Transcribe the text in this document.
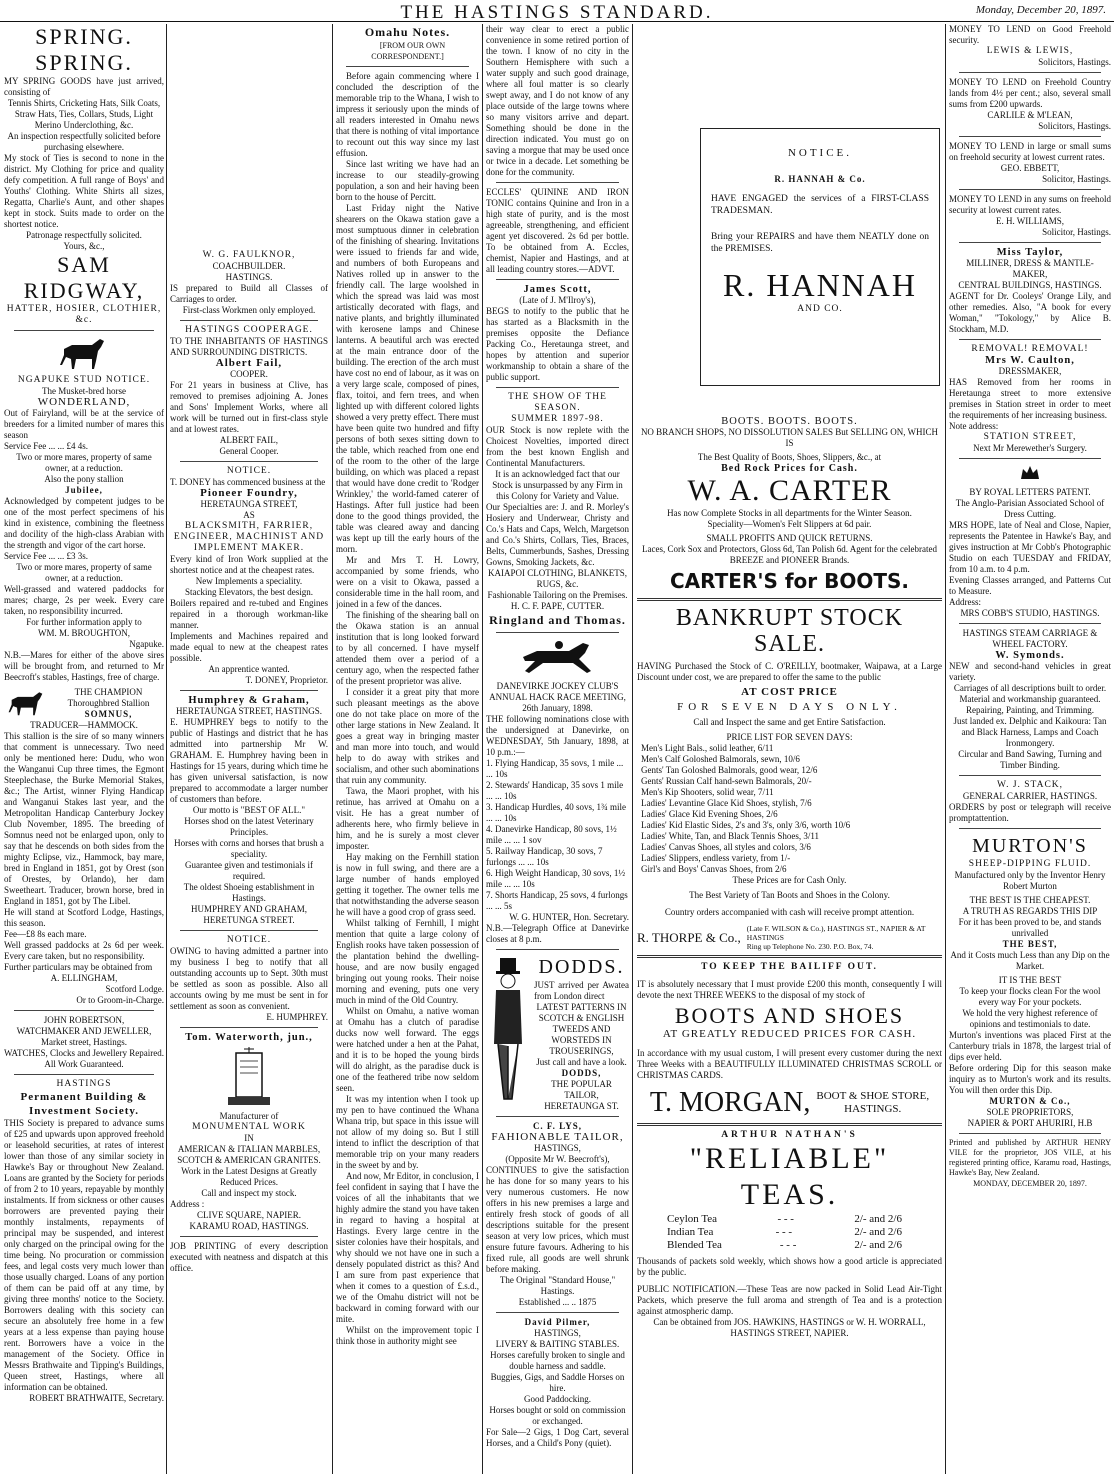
THE HASTINGS STANDARD.	Monday, December 20, 1897.
SPRING. SPRING.

MY SPRING GOODS have just arrived, consisting of

Tennis Shirts, Cricketing Hats, Silk Coats, Straw Hats, Ties, Collars, Studs, Light Merino Underclothing, &c.

An inspection respectfully solicited before purchasing elsewhere.

My stock of Ties is second to none in the district. My Clothing for price and quality defy competition. A full range of Boys' and Youths' Clothing. White Shirts all sizes, Regatta, Charlie's Aunt, and other shapes kept in stock. Suits made to order on the shortest notice.

Patronage respectfully solicited.

Yours, &c.,

SAM RIDGWAY,

HATTER, HOSIER, CLOTHIER, &c.

NGAPUKE STUD NOTICE.

The Musket-bred horse

WONDERLAND,

Out of Fairyland, will be at the service of breeders for a limited number of mares this season

Service Fee ... ... £4 4s.

Two or more mares, property of same owner, at a reduction.

Also the pony stallion

Jubilee,

Acknowledged by competent judges to be one of the most perfect specimens of his kind in existence, combining the fleetness and docility of the high-class Arabian with the strength and vigor of the cart horse.

Service Fee ... ... £3 3s.

Two or more mares, property of same owner, at a reduction.

Well-grassed and watered paddocks for mares; charge, 2s per week. Every care taken, no responsibility incurred.

For further information apply to

WM. M. BROUGHTON,

Ngapuke.

N.B.—Mares for either of the above sires will be brought from, and returned to Mr Beecroft's stables, Hastings, free of charge.

THE CHAMPION Thoroughbred Stallion

SOMNUS,

TRADUCER—HAMMOCK.

This stallion is the sire of so many winners that comment is unnecessary. Two need only be mentioned here: Dudu, who won the Wanganui Cup three times, the Egmont Steeplechase, the Burke Memorial Stakes, &c.; The Artist, winner Flying Handicap and Wanganui Stakes last year, and the Metropolitan Handicap Canterbury Jockey Club November, 1895. The breeding of Somnus need not be enlarged upon, only to say that he descends on both sides from the mighty Eclipse, viz., Hammock, bay mare, bred in England in 1851, got by Orest (son of Orestes, by Orlando), her dam Sweetheart. Traducer, brown horse, bred in England in 1851, got by The Libel.

He will stand at Scotford Lodge, Hastings, this season.

Fee—£8 8s each mare.

Well grassed paddocks at 2s 6d per week. Every care taken, but no responsibility.

Further particulars may be obtained from

A. ELLINGHAM,

Scotford Lodge.

Or to Groom-in-Charge.

JOHN ROBERTSON,

WATCHMAKER AND JEWELLER,

Market street, Hastings.

WATCHES, Clocks and Jewellery Repaired.

All Work Guaranteed.

HASTINGS

Permanent Building & Investment Society.

THIS Society is prepared to advance sums of £25 and upwards upon approved freehold or leasehold securities, at rates of interest lower than those of any similar society in Hawke's Bay or throughout New Zealand. Loans are granted by the Society for periods of from 2 to 10 years, repayable by monthly instalments. If from sickness or other causes borrowers are prevented paying their monthly instalments, repayments of principal may be suspended, and interest only charged on the principal owing for the time being. No procuration or commission fees, and legal costs very much lower than those usually charged. Loans of any portion of them can be paid off at any time, by giving three months' notice to the Society. Borrowers dealing with this society can secure an absolutely free home in a few years at a less expense than paying house rent. Borrowers have a voice in the management of the Society. Office in Messrs Brathwaite and Tipping's Buildings, Queen street, Hastings, where all information can be obtained.

ROBERT BRATHWAITE, Secretary.

W. G. FAULKNOR,

COACHBUILDER.

HASTINGS.

IS prepared to Build all Classes of Carriages to order.

First-class Workmen only employed.

HASTINGS COOPERAGE.

TO THE INHABITANTS OF HASTINGS AND SURROUNDING DISTRICTS.

Albert Fail,

COOPER.

For 21 years in business at Clive, has removed to premises adjoining A. Jones and Sons' Implement Works, where all work will be turned out in first-class style and at lowest rates.

ALBERT FAIL,

General Cooper.

NOTICE.

T. DONEY has commenced business at the

Pioneer Foundry,

HERETAUNGA STREET,

AS

BLACKSMITH, FARRIER, ENGINEER, MACHINIST AND IMPLEMENT MAKER.

Every kind of Iron Work supplied at the shortest notice and at the cheapest rates.

New Implements a speciality.

Stacking Elevators, the best design.

Boilers repaired and re-tubed and Engines repaired in a thorough workman-like manner.

Implements and Machines repaired and made equal to new at the cheapest rates possible.

An apprentice wanted.

T. DONEY, Proprietor.

Humphrey & Graham,

HERETAUNGA STREET, HASTINGS.

E. HUMPHREY begs to notify to the public of Hastings and district that he has admitted into partnership Mr W. GRAHAM. E. Humphrey having been in Hastings for 15 years, during which time he has given universal satisfaction, is now prepared to accommodate a larger number of customers than before.

Our motto is "BEST OF ALL."

Horses shod on the latest Veterinary Principles.

Horses with corns and horses that brush a speciality.

Guarantee given and testimonials if required.

The oldest Shoeing establishment in Hastings.

HUMPHREY AND GRAHAM,

HERETUNGA STREET.

NOTICE.

OWING to having admitted a partner into my business I beg to notify that all outstanding accounts up to Sept. 30th must be settled as soon as possible. Also all accounts owing by me must be sent in for settlement as soon as convenient.

E. HUMPHREY.

Tom. Waterworth, jun.,

Manufacturer of

MONUMENTAL WORK

IN

AMERICAN & ITALIAN MARBLES, SCOTCH & AMERICAN GRANITES.

Work in the Latest Designs at Greatly Reduced Prices.

Call and inspect my stock.

Address :

CLIVE SQUARE, NAPIER.

KARAMU ROAD, HASTINGS.

JOB PRINTING of every description executed with neatness and dispatch at this office.

Omahu Notes.

[FROM OUR OWN CORRESPONDENT.]

Before again commencing where I concluded the description of the memorable trip to the Whana, I wish to impress it seriously upon the minds of all readers interested in Omahu news that there is nothing of vital importance to recount out this way since my last effusion.

Since last writing we have had an increase to our steadily-growing population, a son and heir having been born to the house of Percitt.

Last Friday night the Native shearers on the Okawa station gave a most sumptuous dinner in celebration of the finishing of shearing. Invitations were issued to friends far and wide, and numbers of both Europeans and Natives rolled up in answer to the friendly call. The large woolshed in which the spread was laid was most artistically decorated with flags, and native plants, and brightly illuminated with kerosene lamps and Chinese lanterns. A beautiful arch was erected at the main entrance door of the building. The erection of the arch must have cost no end of labour, as it was on a very large scale, composed of pines, flax, toitoi, and fern trees, and when lighted up with different colored lights showed a very pretty effect. There must have been quite two hundred and fifty persons of both sexes sitting down to the table, which reached from one end of the room to the other of the large building, on which was placed a repast that would have done credit to 'Rodger Wrinkley,' the world-famed caterer of Hastings. After full justice had been done to the good things provided, the table was cleared away and dancing was kept up till the early hours of the morn.

Mr and Mrs T. H. Lowry, accompanied by some friends, who were on a visit to Okawa, passed a considerable time in the hall room, and joined in a few of the dances.

The finishing of the shearing ball on the Okawa station is an annual institution that is long looked forward to by all concerned. I have myself attended them over a period of a century ago, when the respected father of the present proprietor was alive.

I consider it a great pity that more such pleasant meetings as the above one do not take place on more of the other large stations in New Zealand. It goes a great way in bringing master and man more into touch, and would help to do away with strikes and socialism, and other such abominations that ruin any community.

Tawa, the Maori prophet, with his retinue, has arrived at Omahu on a visit. He has a great number of adherents here, who firmly believe in him, and he is surely a most clever imposter.

Hay making on the Fernhill station is now in full swing, and there are a large number of hands employed getting it together. The owner tells me that notwithstanding the adverse season he will have a good crop of grass seed.

Whilst talking of Fernhill, I might mention that quite a large colony of English rooks have taken possession of the plantation behind the dwelling-house, and are now busily engaged bringing out young rooks. Their noise morning and evening, puts one very much in mind of the Old Country.

Whilst on Omahu, a native woman at Omahu has a clutch of paradise ducks now well forward. The eggs were hatched under a hen at the Pahat, and it is to be hoped the young birds will do alright, as the paradise duck is one of the feathered tribe now seldom seen.

It was my intention when I took up my pen to have continued the Whana Whana trip, but space in this issue will not allow of my doing so. But I still intend to inflict the description of that memorable trip on your many readers in the sweet by and by.

And now, Mr Editor, in conclusion, I feel confident in saying that I have the voices of all the inhabitants that we highly admire the stand you have taken in regard to having a hospital at Hastings. Every large centre in the sister colonies have their hospitals, and why should we not have one in such a densely populated district as this? And I am sure from past experience that when it comes to a question of £.s.d., we of the Omahu district will not be backward in coming forward with our mite.

Whilst on the improvement topic I think those in authority might see

their way clear to erect a public convenience in some retired portion of the town. I know of no city in the Southern Hemisphere with such a water supply and such good drainage, where all foul matter is so clearly swept away, and I do not know of any place outside of the large towns where so many visitors arrive and depart. Something should be done in the direction indicated. You must go on saving a morgue that may be used once or twice in a decade. Let something be done for the community.

ECCLES' QUININE AND IRON TONIC contains Quinine and Iron in a high state of purity, and is the most agreeable, strengthening, and efficient agent yet discovered. 2s 6d per bottle. To be obtained from A. Eccles, chemist, Napier and Hastings, and at all leading country stores.—ADVT.

James Scott,

(Late of J. M'Ilroy's),

BEGS to notify to the public that he has started as a Blacksmith in the premises opposite the Defiance Packing Co., Heretaunga street, and hopes by attention and superior workmanship to obtain a share of the public support.

THE SHOW OF THE SEASON.

SUMMER 1897-98.

OUR Stock is now replete with the Choicest Novelties, imported direct from the best known English and Continental Manufacturers.

It is an acknowledged fact that our Stock is unsurpassed by any Firm in this Colony for Variety and Value.

Our Specialties are: J. and R. Morley's Hosiery and Underwear, Christy and Co.'s Hats and Caps, Welch, Margetson and Co.'s Shirts, Collars, Ties, Braces, Belts, Cummerbunds, Sashes, Dressing Gowns, Smoking Jackets, &c.

KAIAPOI CLOTHING, BLANKETS, RUGS, &c.

Fashionable Tailoring on the Premises.

H. C. F. PAPE, CUTTER.

Ringland and Thomas.

DANEVIRKE JOCKEY CLUB'S

ANNUAL HACK RACE MEETING, 26th January, 1898.

THE following nominations close with the undersigned at Danevirke, on WEDNESDAY, 5th January, 1898, at 10 p.m.:—

1. Flying Handicap, 35 sovs, 1 mile ... ... 10s
2. Stewards' Handicap, 35 sovs 1 mile ... ... 10s
3. Handicap Hurdles, 40 sovs, 1¾ mile ... ... 10s
4. Danevirke Handicap, 80 sovs, 1½ mile ... ... 1 sov
5. Railway Handicap, 30 sovs, 7 furlongs ... ... 10s
6. High Weight Handicap, 30 sovs, 1½ mile ... ... 10s
7. Shorts Handicap, 25 sovs, 4 furlongs ... ... 5s

W. G. HUNTER, Hon. Secretary.

N.B.—Telegraph Office at Danevirke closes at 8 p.m.

DODDS.

JUST arrived per Awatea from London direct

LATEST PATTERNS IN SCOTCH & ENGLISH TWEEDS AND WORSTEDS IN TROUSERINGS,

Just call and have a look.

DODDS,

THE POPULAR TAILOR,

HERETAUNGA ST.

C. F. LYS,

FAHIONABLE TAILOR,

HASTINGS,

(Opposite Mr W. Beecroft's),

CONTINUES to give the satisfaction he has done for so many years to his very numerous customers. He now offers in his new premises a large and entirely fresh stock of goods of all descriptions suitable for the present season at very low prices, which must ensure future favours. Adhering to his fixed rule, all goods are well shrunk before making.

The Original "Standard House," Hastings.

Established ... .. 1875

David Pilmer,

HASTINGS,

LIVERY & BAITING STABLES.

Horses carefully broken to single and double harness and saddle.

Buggies, Gigs, and Saddle Horses on hire.

Good Paddocking.

Horses bought or sold on commission or exchanged.

For Sale—2 Gigs, 1 Dog Cart, several Horses, and a Child's Pony (quiet).

NOTICE.

R. HANNAH & Co.

HAVE ENGAGED the services of a FIRST-CLASS TRADESMAN.

Bring your REPAIRS and have them NEATLY done on the PREMISES.

R. HANNAH

AND CO.

BOOTS. BOOTS. BOOTS.

NO BRANCH SHOPS, NO DISSOLUTION SALES But SELLING ON, WHICH IS

The Best Quality of Boots, Shoes, Slippers, &c., at

Bed Rock Prices for Cash.
W. A. CARTER

Has now Complete Stocks in all departments for the Winter Season.

Speciality—Women's Felt Slippers at 6d pair.

SMALL PROFITS AND QUICK RETURNS.

Laces, Cork Sox and Protectors, Gloss 6d, Tan Polish 6d. Agent for the celebrated BREEZE and PIONEER Brands.

CARTER'S for BOOTS.
BANKRUPT STOCK SALE.

HAVING Purchased the Stock of C. O'REILLY, bootmaker, Waipawa, at a Large Discount under cost, we are prepared to offer the same to the public

AT COST PRICE

FOR SEVEN DAYS ONLY.

Call and Inspect the same and get Entire Satisfaction.

PRICE LIST FOR SEVEN DAYS:

Men's Light Bals., solid leather, 6/11
Men's Calf Goloshed Balmorals, sewn, 10/6
Gents' Tan Goloshed Balmorals, good wear, 12/6
Gents' Russian Calf hand-sewn Balmorals, 20/-
Men's Kip Shooters, solid wear, 7/11
Ladies' Levantine Glace Kid Shoes, stylish, 7/6
Ladies' Glace Kid Evening Shoes, 2/6
Ladies' Kid Elastic Sides, 2's and 3's, only 3/6, worth 10/6
Ladies' White, Tan, and Black Tennis Shoes, 3/11
Ladies' Canvas Shoes, all styles and colors, 3/6
Ladies' Slippers, endless variety, from 1/-
Girl's and Boys' Canvas Shoes, from 2/6

These Prices are for Cash Only.

The Best Variety of Tan Boots and Shoes in the Colony.

Country orders accompanied with cash will receive prompt attention.

R. THORPE & Co.,
(Late F. WILSON & Co.), HASTINGS ST., NAPIER & AT HASTINGS
Ring up Telephone No. 230. P.O. Box, 74.
TO KEEP THE BAILIFF OUT.

IT is absolutely necessary that I must provide £200 this month, consequently I will devote the next THREE WEEKS to the disposal of my stock of

BOOTS AND SHOES

AT GREATLY REDUCED PRICES FOR CASH.

In accordance with my usual custom, I will present every customer during the next Three Weeks with a BEAUTIFULLY ILLUMINATED CHRISTMAS SCROLL or CHRISTMAS CARDS.

T. MORGAN, BOOT & SHOE STORE,
HASTINGS.
ARTHUR NATHAN'S
"RELIABLE" TEAS.
Ceylon Tea	- - -	2/- and 2/6
Indian Tea	- - -	2/- and 2/6
Blended Tea	- - -	2/- and 2/6

Thousands of packets sold weekly, which shows how a good article is appreciated by the public.

PUBLIC NOTIFICATION.—These Teas are now packed in Solid Lead Air-Tight Packets, which preserve the full aroma and strength of Tea and is a protection against atmospheric damp.

Can be obtained from JOS. HAWKINS, HASTINGS or W. H. WORRALL, HASTINGS STREET, NAPIER.

MONEY TO LEND on Good Freehold security.

LEWIS & LEWIS,

Solicitors, Hastings.

MONEY TO LEND on Freehold Country lands from 4½ per cent.; also, several small sums from £200 upwards.

CARLILE & M'LEAN,

Solicitors, Hastings.

MONEY TO LEND in large or small sums on freehold security at lowest current rates.

GEO. EBBETT,

Solicitor, Hastings.

MONEY TO LEND in any sums on freehold security at lowest current rates.

E. H. WILLIAMS,

Solicitor, Hastings.

Miss Taylor,

MILLINER, DRESS & MANTLE-MAKER,

CENTRAL BUILDINGS, HASTINGS.

AGENT for Dr. Cooleys' Orange Lily, and other remedies. Also, "A book for every Woman," "Tokology," by Alice B. Stockham, M.D.

REMOVAL! REMOVAL!

Mrs W. Caulton,

DRESSMAKER,

HAS Removed from her rooms in Heretaunga street to more extensive premises in Station street in order to meet the requirements of her increasing business.

Note address:

STATION STREET,

Next Mr Merewether's Surgery.

BY ROYAL LETTERS PATENT.

The Anglo-Parisian Associated School of Dress Cutting.

MRS HOPE, late of Neal and Close, Napier, represents the Patentee in Hawke's Bay, and gives instruction at Mr Cobb's Photographic Studio on each TUESDAY and FRIDAY, from 10 a.m. to 4 p.m.

Evening Classes arranged, and Patterns Cut to Measure.

Address:

MRS COBB'S STUDIO, HASTINGS.

HASTINGS STEAM CARRIAGE & WHEEL FACTORY.

W. Symonds.

NEW and second-hand vehicles in great variety.

Carriages of all descriptions built to order.

Material and workmanship guaranteed.

Repairing, Painting, and Trimming.

Just landed ex. Delphic and Kaikoura: Tan and Black Harness, Lamps and Coach Ironmongery.

Circular and Band Sawing, Turning and Timber Binding.

W. J. STACK,

GENERAL CARRIER, HASTINGS.

ORDERS by post or telegraph will receive promptattention.

MURTON'S

SHEEP-DIPPING FLUID.

Manufactured only by the Inventor Henry Robert Murton

THE BEST IS THE CHEAPEST.

A TRUTH AS REGARDS THIS DIP

For it has been proved to be, and stands unrivalled

THE BEST,

And it Costs much Less than any Dip on the Market.

IT IS THE BEST

To keep your flocks clean For the wool every way For your pockets.

We hold the very highest reference of opinions and testimonials to date.

Murton's inventions was placed First at the Canterbury trials in 1878, the largest trial of dips ever held.

Before ordering Dip for this season make inquiry as to Murton's work and its results. You will then order this Dip.

MURTON & Co.,

SOLE PROPRIETORS,

NAPIER & PORT AHURIRI, H.B

Printed and published by ARTHUR HENRY VILE for the proprietor, JOS VILE, at his registered printing office, Karamu road, Hastings, Hawke's Bay, New Zealand.

MONDAY, DECEMBER 20, 1897.
